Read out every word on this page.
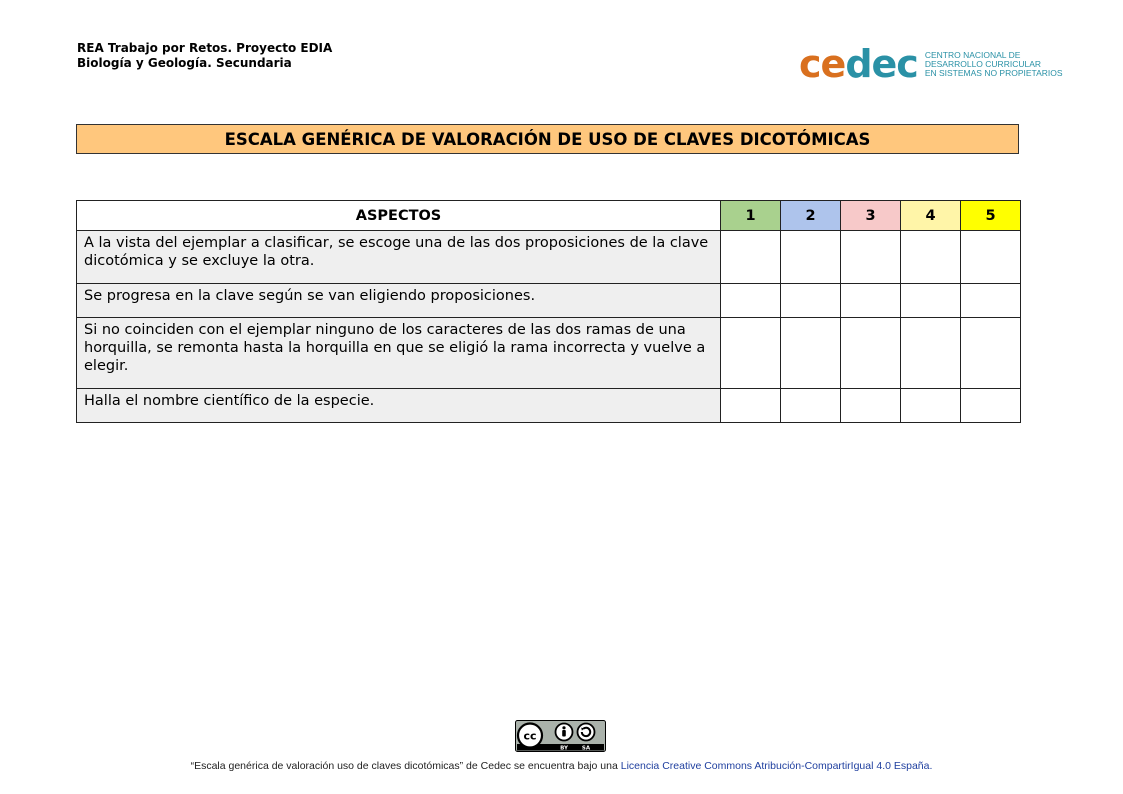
REA Trabajo por Retos. Proyecto EDIA
Biología y Geología. Secundaria	cedec CENTRO NACIONAL DE
DESARROLLO CURRICULAR
EN SISTEMAS NO PROPIETARIOS
ESCALA GENÉRICA DE VALORACIÓN DE USO DE CLAVES DICOTÓMICAS
ASPECTOS	1	2	3	4	5
A la vista del ejemplar a clasificar, se escoge una de las dos proposiciones de la clave dicotómica y se excluye la otra.					
Se progresa en la clave según se van eligiendo proposiciones.					
Si no coinciden con el ejemplar ninguno de los caracteres de las dos ramas de una horquilla, se remonta hasta la horquilla en que se eligió la rama incorrecta y vuelve a elegir.					
Halla el nombre científico de la especie.					
cc
BY	SA
“Escala genérica de valoración uso de claves dicotómicas” de Cedec se encuentra bajo una Licencia Creative Commons Atribución-CompartirIgual 4.0 España.
